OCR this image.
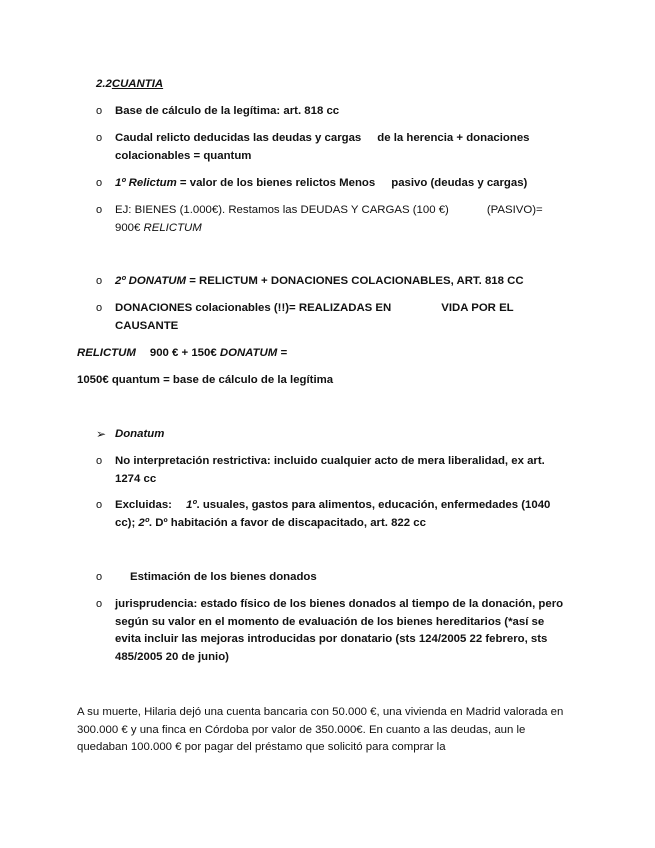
2.2CUANTIA
o	Base de cálculo de la legítima: art. 818 cc
o	Caudal relicto deducidas las deudas y cargas de la herencia + donaciones colacionables = quantum
o	1º Relictum = valor de los bienes relictos Menos pasivo (deudas y cargas)
o	EJ: BIENES (1.000€). Restamos las DEUDAS Y CARGAS (100 €)	(PASIVO)=
900€ RELICTUM
o	2º DONATUM = RELICTUM + DONACIONES COLACIONABLES, ART. 818 CC
o	DONACIONES colacionables (!!)= REALIZADAS EN	VIDA POR EL
CAUSANTE
RELICTUM 900 € + 150€ DONATUM =
1050€ quantum = base de cálculo de la legítima
➢ Donatum
o	No interpretación restrictiva: incluido cualquier acto de mera liberalidad, ex art. 1274 cc
o	Excluidas: 1º. usuales, gastos para alimentos, educación, enfermedades (1040 cc); 2º. Dº habitación a favor de discapacitado, art. 822 cc
o	Estimación de los bienes donados
o	jurisprudencia: estado físico de los bienes donados al tiempo de la donación, pero según su valor en el momento de evaluación de los bienes hereditarios (*así se evita incluir las mejoras introducidas por donatario (sts 124/2005 22 febrero, sts 485/2005 20 de junio)
A su muerte, Hilaria dejó una cuenta bancaria con 50.000 €, una vivienda en Madrid valorada en 300.000 € y una finca en Córdoba por valor de 350.000€. En cuanto a las deudas, aun le quedaban 100.000 € por pagar del préstamo que solicitó para comprar la
